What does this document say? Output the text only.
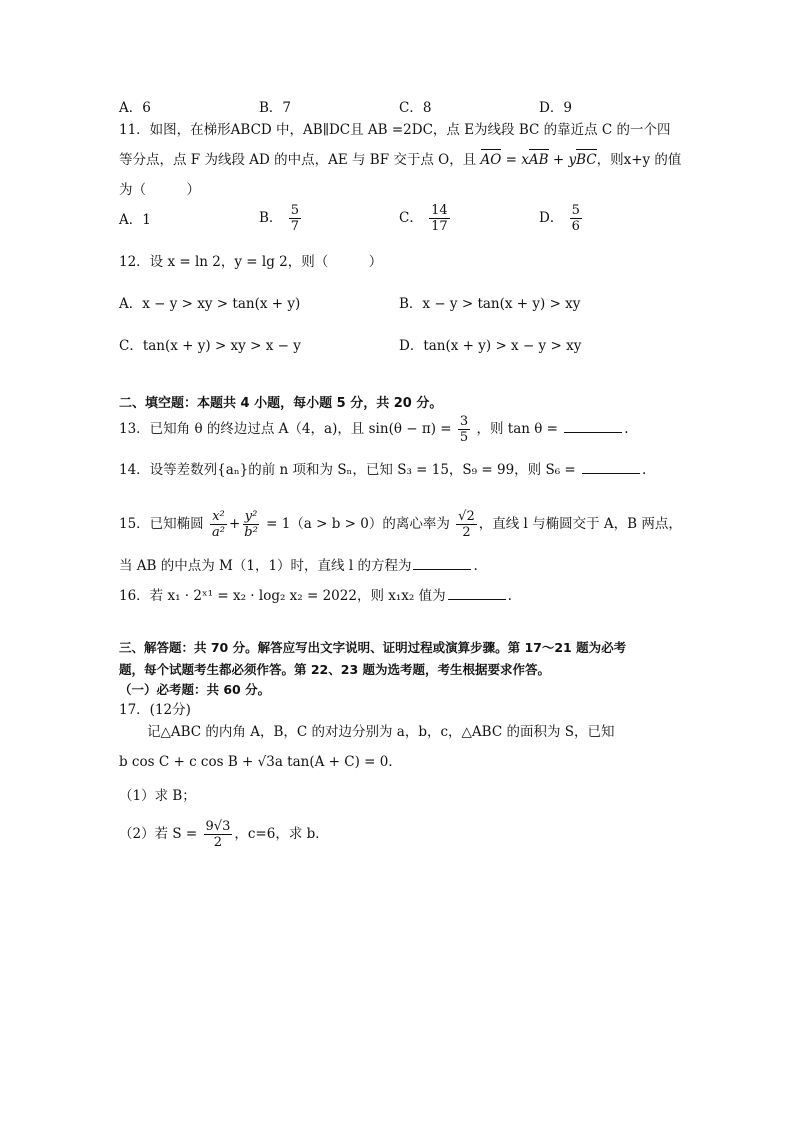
A．6	B．7	C．8	D．9
11．如图，在梯形ABCD 中，AB∥DC且 AB =2DC，点 E为线段 BC 的靠近点 C 的一个四
等分点，点 F 为线段 AD 的中点，AE 与 BF 交于点 O，且 AO = xAB + yBC，则x+y 的值
为（　　　）
A．1	B． $\frac{5}{7}$	C． $\frac{14}{17}$	D． $\frac{5}{6}$
12．设 x = ln 2，y = lg 2，则（　　　）
A．x − y > xy > tan(x + y)	B．x − y > tan(x + y) > xy
C．tan(x + y) > xy > x − y	D．tan(x + y) > x − y > xy
二、填空题：本题共 4 小题，每小题 5 分，共 20 分。
13．已知角 θ 的终边过点 A（4，a)，且 $\sin(\theta - \pi) = \frac{3}{5}$ ，则 tan θ =	.
14．设等差数列{aₙ}的前 n 项和为 Sₙ，已知 S₃ = 15，S₉ = 99，则 S₆ =	.
15．已知椭圆 $\frac{\text{x²}}{\text{a²}} + \frac{\text{y²}}{\text{b²}} = 1(a > b > 0)$的离心率为 $\frac{√2}{2}$ ，直线 l 与椭圆交于 A，B 两点，
当 AB 的中点为 M（1，1）时，直线 l 的方程为	.
16．若 x₁ · 2ˣ¹ = x₂ · log₂ x₂ = 2022，则 x₁x₂ 值为	.
三、解答题：共 70 分。解答应写出文字说明、证明过程或演算步骤。第 17～21 题为必考
题，每个试题考生都必须作答。第 22、23 题为选考题，考生根据要求作答。
（一）必考题：共 60 分。
17．(12分)
记△ABC 的内角 A，B，C 的对边分别为 a，b，c，△ABC 的面积为 S，已知
b cos C + c cos B + √3a tan(A + C) = 0．
（1）求 B；
（2）若 $S = \frac{9√3}{2}$ ，c=6，求 b．
